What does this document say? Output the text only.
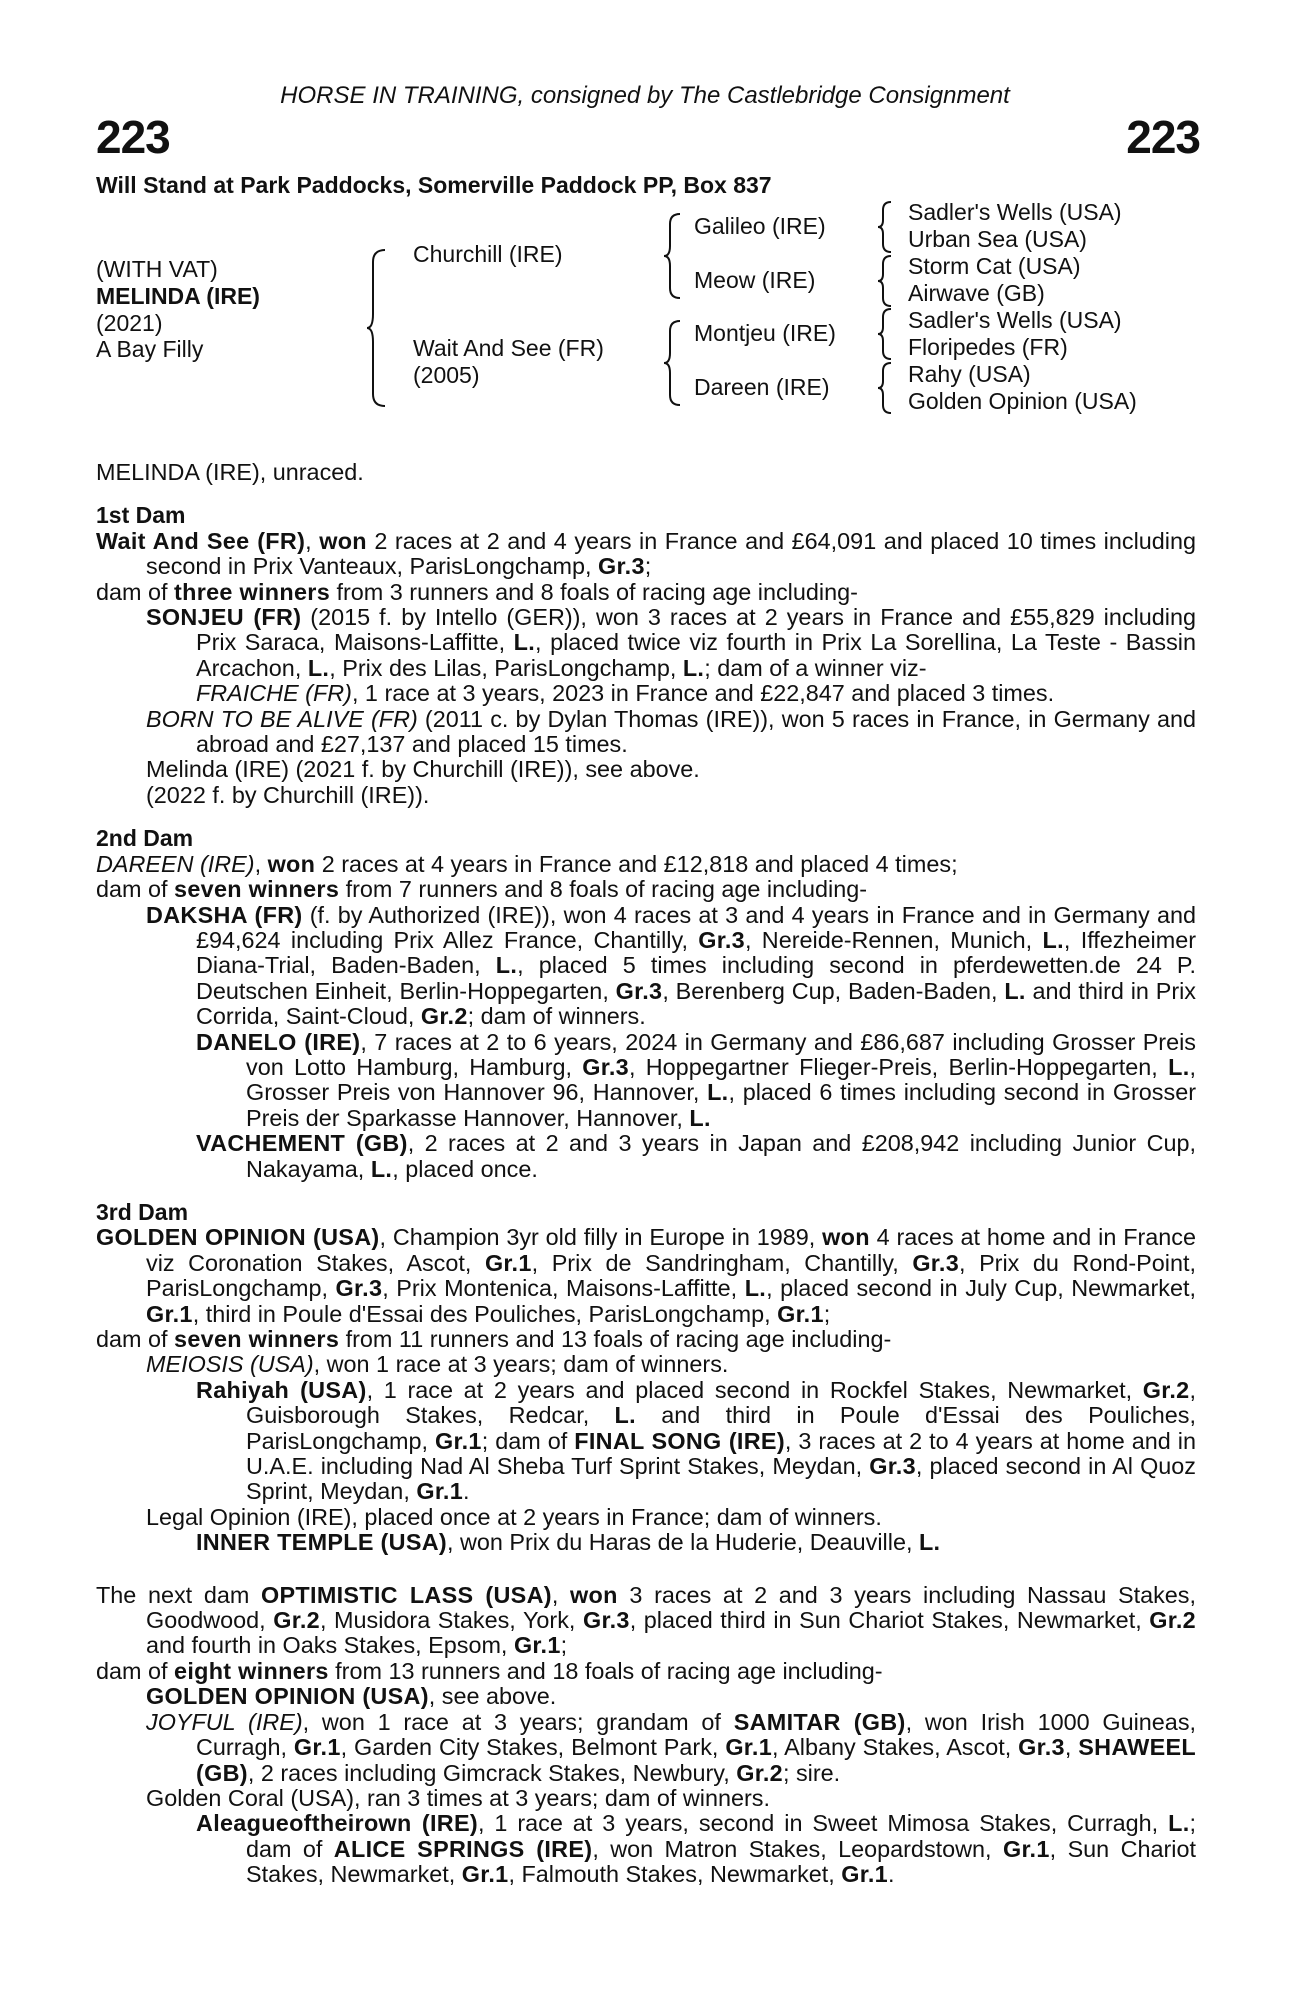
HORSE IN TRAINING, consigned by The Castlebridge Consignment
223	223
Will Stand at Park Paddocks, Somerville Paddock PP, Box 837
(WITH VAT)
MELINDA (IRE)
(2021)
A Bay Filly
Churchill (IRE)
Wait And See (FR)
(2005)
Galileo (IRE)
Meow (IRE)
Montjeu (IRE)
Dareen (IRE)
Sadler's Wells (USA)
Urban Sea (USA)
Storm Cat (USA)
Airwave (GB)
Sadler's Wells (USA)
Floripedes (FR)
Rahy (USA)
Golden Opinion (USA)
MELINDA (IRE), unraced.
1st Dam
Wait And See (FR), won 2 races at 2 and 4 years in France and £64,091 and placed 10 times including second in Prix Vanteaux, ParisLongchamp, Gr.3;
dam of three winners from 3 runners and 8 foals of racing age including-
SONJEU (FR) (2015 f. by Intello (GER)), won 3 races at 2 years in France and £55,829 including Prix Saraca, Maisons-Laffitte, L., placed twice viz fourth in Prix La Sorellina, La Teste - Bassin Arcachon, L., Prix des Lilas, ParisLongchamp, L.; dam of a winner viz-
FRAICHE (FR), 1 race at 3 years, 2023 in France and £22,847 and placed 3 times.
BORN TO BE ALIVE (FR) (2011 c. by Dylan Thomas (IRE)), won 5 races in France, in Germany and abroad and £27,137 and placed 15 times.
Melinda (IRE) (2021 f. by Churchill (IRE)), see above.
(2022 f. by Churchill (IRE)).
2nd Dam
DAREEN (IRE), won 2 races at 4 years in France and £12,818 and placed 4 times;
dam of seven winners from 7 runners and 8 foals of racing age including-
DAKSHA (FR) (f. by Authorized (IRE)), won 4 races at 3 and 4 years in France and in Germany and £94,624 including Prix Allez France, Chantilly, Gr.3, Nereide-Rennen, Munich, L., Iffezheimer Diana-Trial, Baden-Baden, L., placed 5 times including second in pferdewetten.de 24 P. Deutschen Einheit, Berlin-Hoppegarten, Gr.3, Berenberg Cup, Baden-Baden, L. and third in Prix Corrida, Saint-Cloud, Gr.2; dam of winners.
DANELO (IRE), 7 races at 2 to 6 years, 2024 in Germany and £86,687 including Grosser Preis von Lotto Hamburg, Hamburg, Gr.3, Hoppegartner Flieger-Preis, Berlin-Hoppegarten, L., Grosser Preis von Hannover 96, Hannover, L., placed 6 times including second in Grosser Preis der Sparkasse Hannover, Hannover, L.
VACHEMENT (GB), 2 races at 2 and 3 years in Japan and £208,942 including Junior Cup, Nakayama, L., placed once.
3rd Dam
GOLDEN OPINION (USA), Champion 3yr old filly in Europe in 1989, won 4 races at home and in France viz Coronation Stakes, Ascot, Gr.1, Prix de Sandringham, Chantilly, Gr.3, Prix du Rond-Point, ParisLongchamp, Gr.3, Prix Montenica, Maisons-Laffitte, L., placed second in July Cup, Newmarket, Gr.1, third in Poule d'Essai des Pouliches, ParisLongchamp, Gr.1;
dam of seven winners from 11 runners and 13 foals of racing age including-
MEIOSIS (USA), won 1 race at 3 years; dam of winners.
Rahiyah (USA), 1 race at 2 years and placed second in Rockfel Stakes, Newmarket, Gr.2, Guisborough Stakes, Redcar, L. and third in Poule d'Essai des Pouliches, ParisLongchamp, Gr.1; dam of FINAL SONG (IRE), 3 races at 2 to 4 years at home and in U.A.E. including Nad Al Sheba Turf Sprint Stakes, Meydan, Gr.3, placed second in Al Quoz Sprint, Meydan, Gr.1.
Legal Opinion (IRE), placed once at 2 years in France; dam of winners.
INNER TEMPLE (USA), won Prix du Haras de la Huderie, Deauville, L.
The next dam OPTIMISTIC LASS (USA), won 3 races at 2 and 3 years including Nassau Stakes, Goodwood, Gr.2, Musidora Stakes, York, Gr.3, placed third in Sun Chariot Stakes, Newmarket, Gr.2 and fourth in Oaks Stakes, Epsom, Gr.1;
dam of eight winners from 13 runners and 18 foals of racing age including-
GOLDEN OPINION (USA), see above.
JOYFUL (IRE), won 1 race at 3 years; grandam of SAMITAR (GB), won Irish 1000 Guineas, Curragh, Gr.1, Garden City Stakes, Belmont Park, Gr.1, Albany Stakes, Ascot, Gr.3, SHAWEEL (GB), 2 races including Gimcrack Stakes, Newbury, Gr.2; sire.
Golden Coral (USA), ran 3 times at 3 years; dam of winners.
Aleagueoftheirown (IRE), 1 race at 3 years, second in Sweet Mimosa Stakes, Curragh, L.; dam of ALICE SPRINGS (IRE), won Matron Stakes, Leopardstown, Gr.1, Sun Chariot Stakes, Newmarket, Gr.1, Falmouth Stakes, Newmarket, Gr.1.
